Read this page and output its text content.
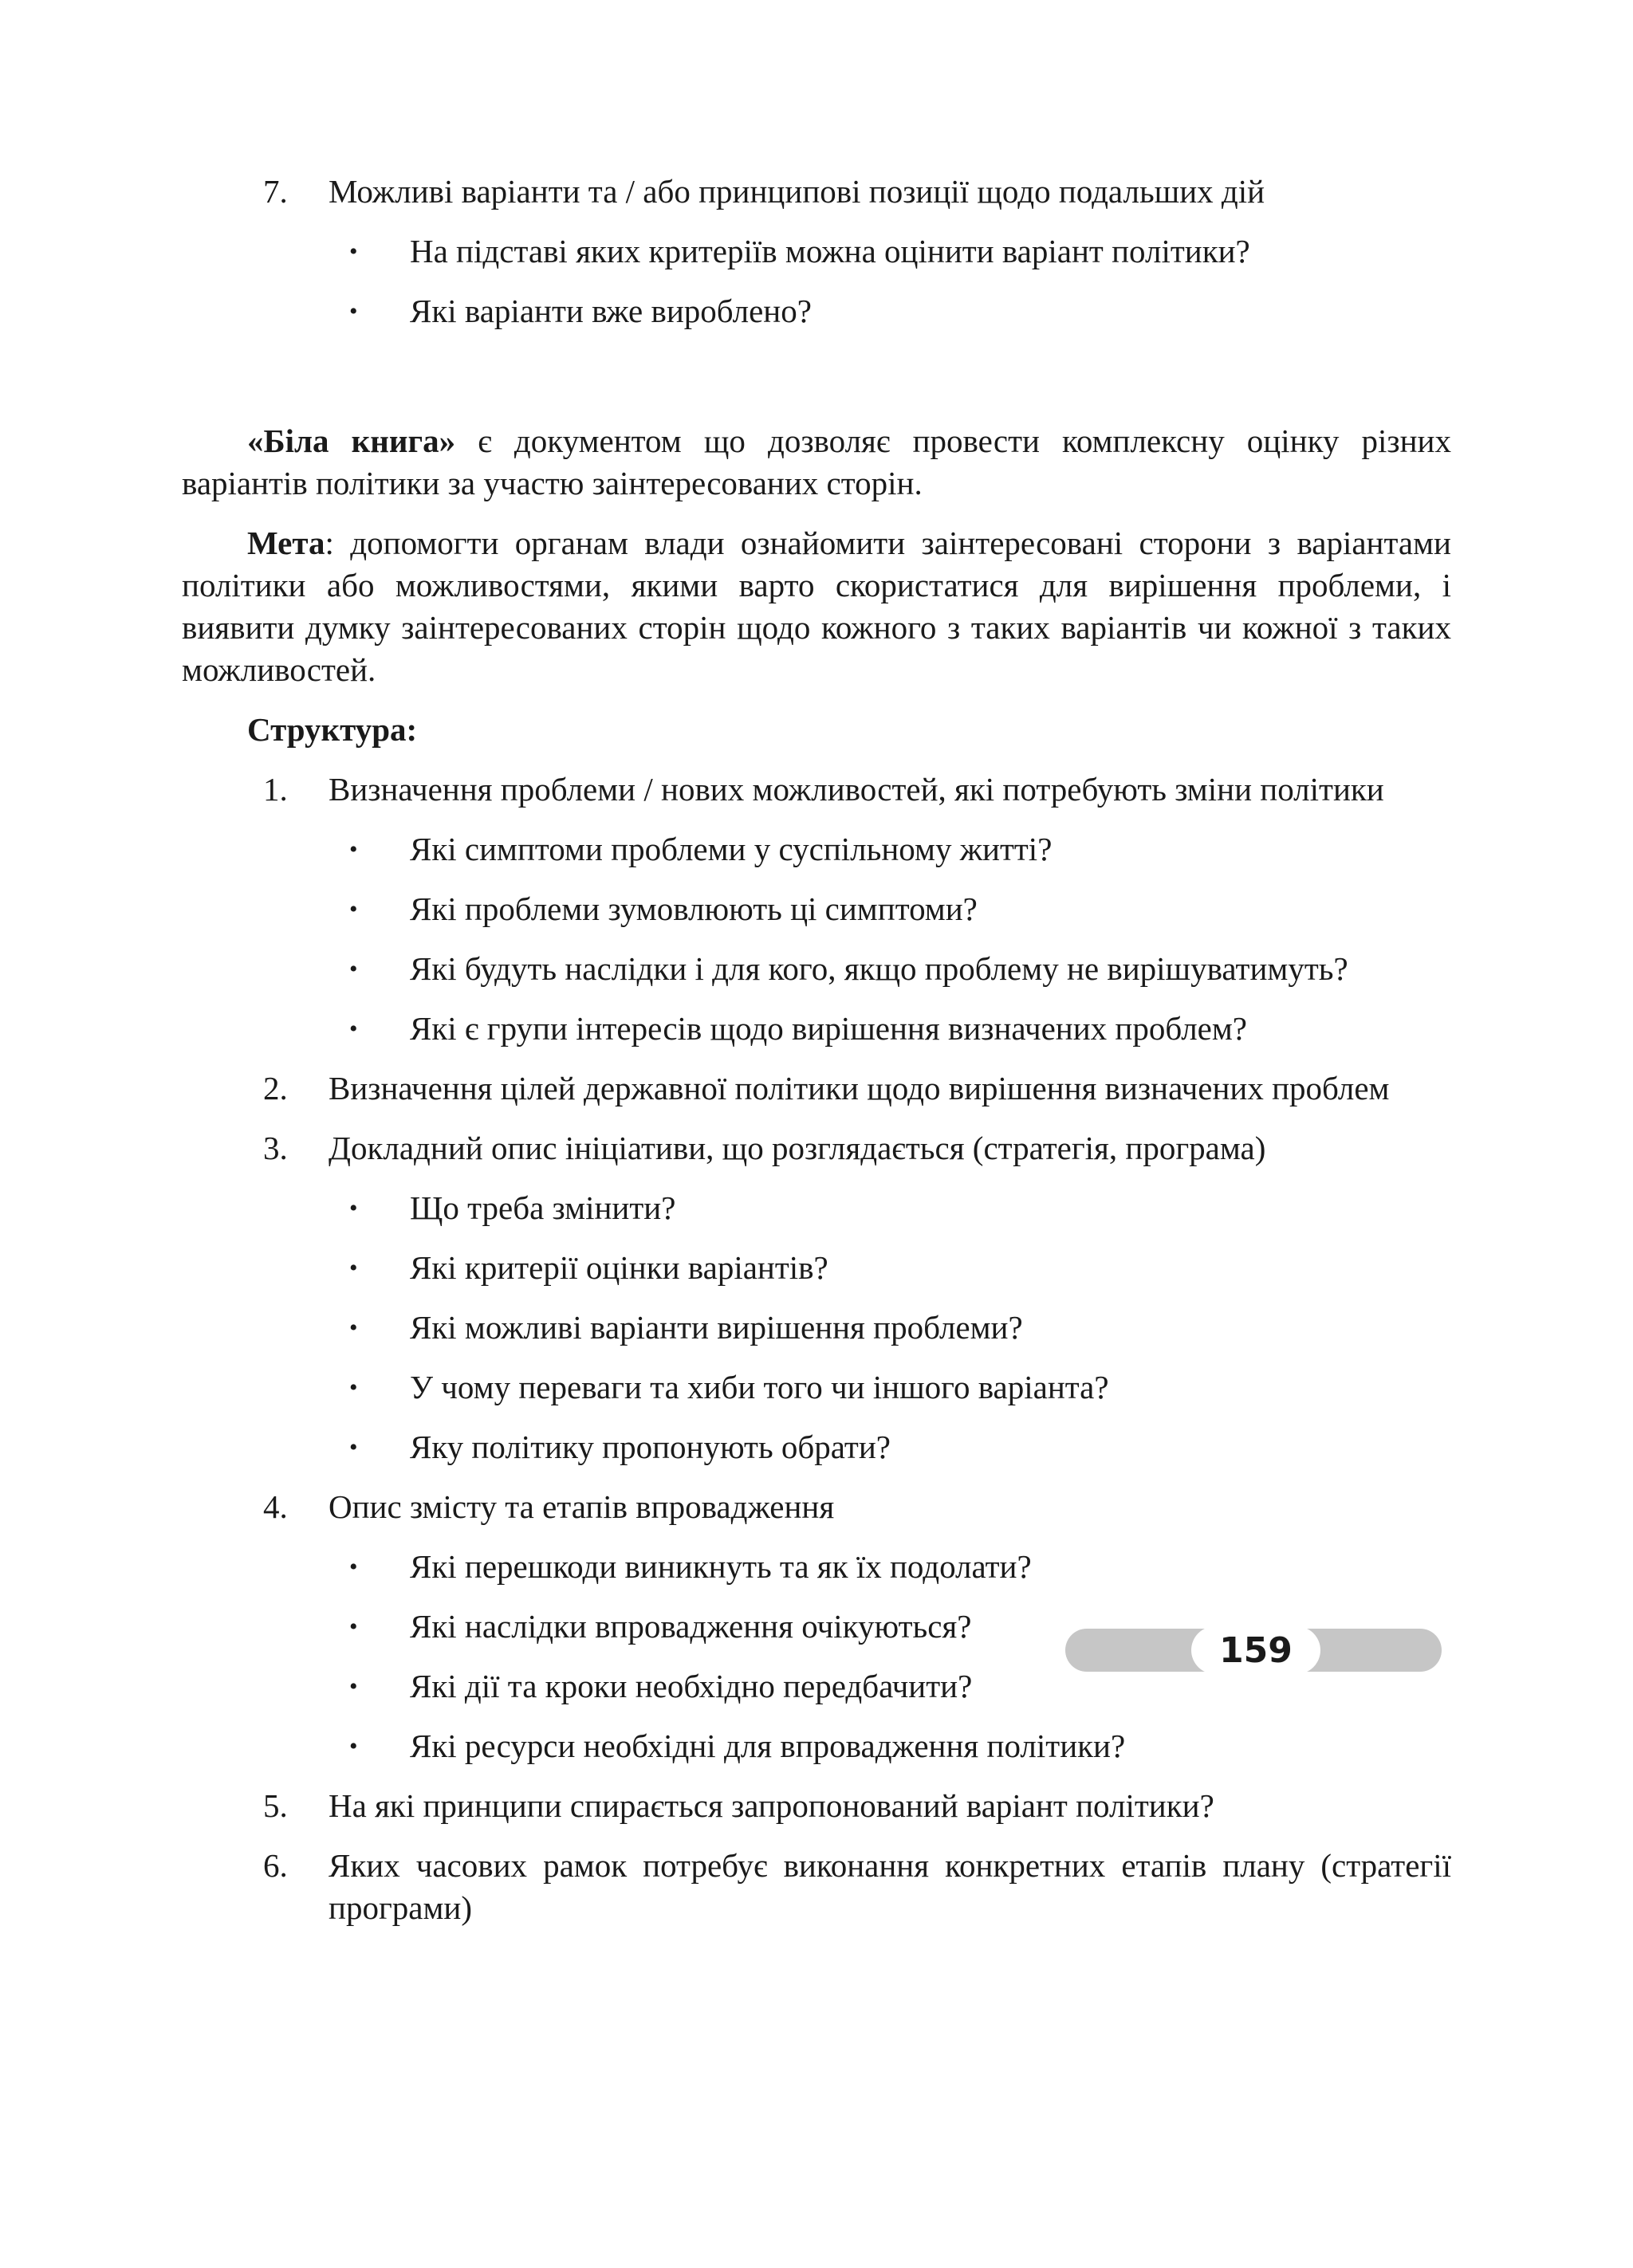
7. Можливі варіанти та / або принципові позиції щодо подальших дій
• На підставі яких критеріїв можна оцінити варіант політики?
• Які варіанти вже вироблено?

«Біла книга» є документом що дозволяє провести комплексну оцінку різних варіантів політики за участю заінтересованих сторін.

Мета: допомогти органам влади ознайомити заінтересовані сторони з варіантами політики або можливостями, якими варто скористатися для вирішення проблеми, і виявити думку заінтересованих сторін щодо кожного з таких варіантів чи кожної з таких можливостей.

Структура:

1. Визначення проблеми / нових можливостей, які потребують зміни політики
• Які симптоми проблеми у суспільному житті?
• Які проблеми зумовлюють ці симптоми?
• Які будуть наслідки і для кого, якщо проблему не вирішуватимуть?
• Які є групи інтересів щодо вирішення визначених проблем?
2. Визначення цілей державної політики щодо вирішення визначених проблем
3. Докладний опис ініціативи, що розглядається (стратегія, програма)
• Що треба змінити?
• Які критерії оцінки варіантів?
• Які можливі варіанти вирішення проблеми?
• У чому переваги та хиби того чи іншого варіанта?
• Яку політику пропонують обрати?
4. Опис змісту та етапів впровадження
• Які перешкоди виникнуть та як їх подолати?
• Які наслідки впровадження очікуються?
• Які дії та кроки необхідно передбачити?
• Які ресурси необхідні для впровадження політики?
5. На які принципи спирається запропонований варіант політики?
6. Яких часових рамок потребує виконання конкретних етапів плану (стратегії програми)
159
